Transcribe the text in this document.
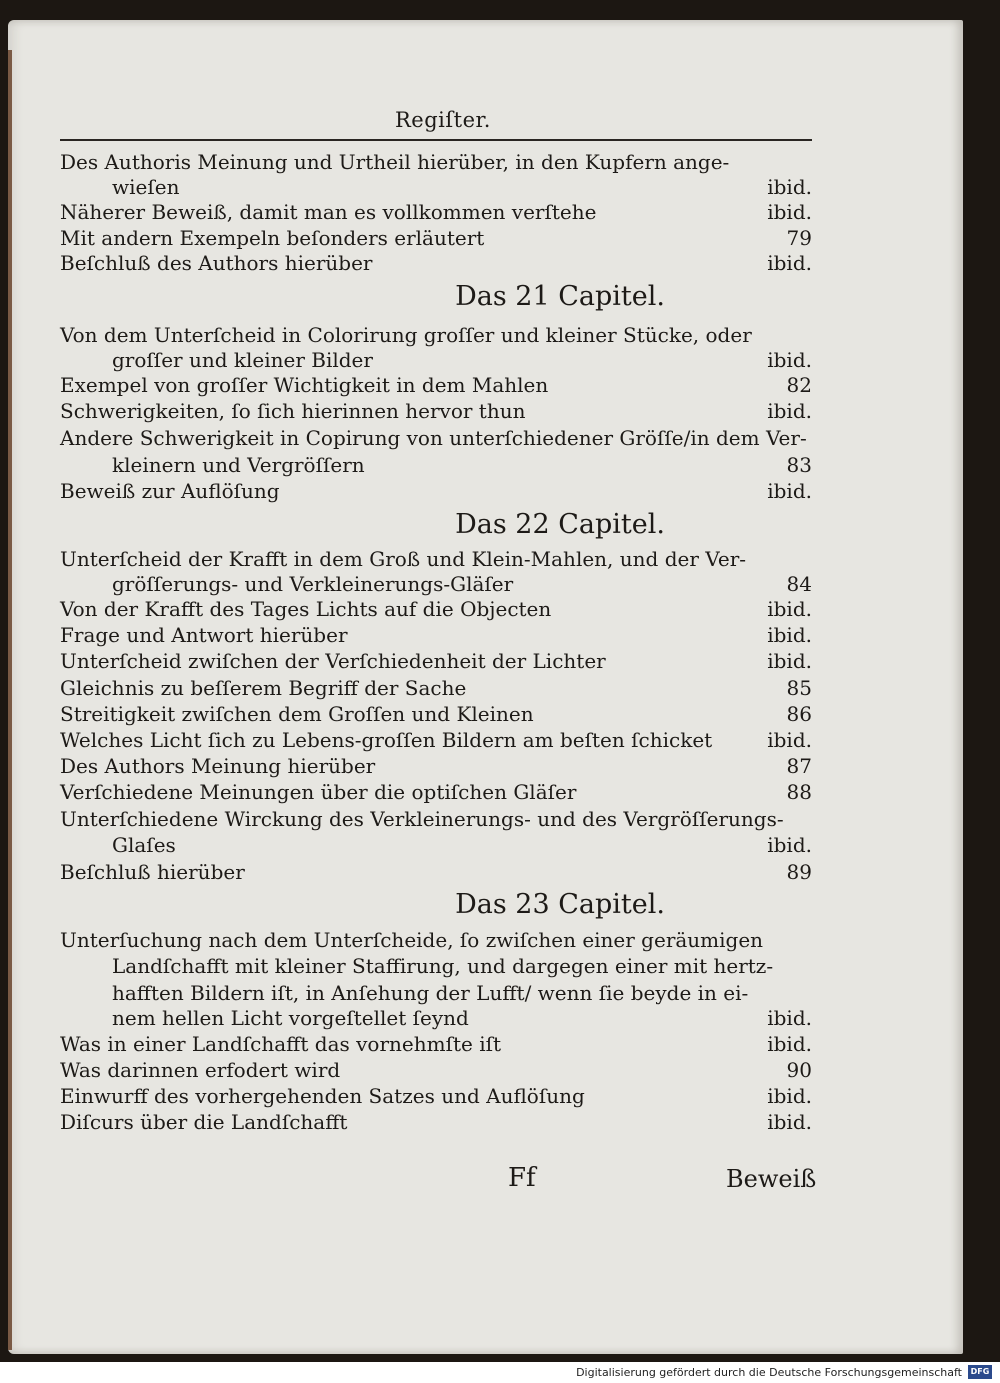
Regiſter.
Des Authoris Meinung und Urtheil hierüber, in den Kupfern ange-
wieſen	ibid.
Näherer Beweiß, damit man es vollkommen verſtehe	ibid.
Mit andern Exempeln beſonders erläutert	79
Beſchluß des Authors hierüber	ibid.
Das 21 Capitel.
Von dem Unterſcheid in Colorirung groſſer und kleiner Stücke, oder
groſſer und kleiner Bilder	ibid.
Exempel von groſſer Wichtigkeit in dem Mahlen	82
Schwerigkeiten, ſo ſich hierinnen hervor thun	ibid.
Andere Schwerigkeit in Copirung von unterſchiedener Gröſſe/in dem Ver-
kleinern und Vergröſſern	83
Beweiß zur Auflöſung	ibid.
Das 22 Capitel.
Unterſcheid der Krafft in dem Groß und Klein-Mahlen, und der Ver-
gröſſerungs- und Verkleinerungs-Gläſer	84
Von der Krafft des Tages Lichts auf die Objecten	ibid.
Frage und Antwort hierüber	ibid.
Unterſcheid zwiſchen der Verſchiedenheit der Lichter	ibid.
Gleichnis zu beſſerem Begriff der Sache	85
Streitigkeit zwiſchen dem Groſſen und Kleinen	86
Welches Licht ſich zu Lebens-groſſen Bildern am beſten ſchicket	ibid.
Des Authors Meinung hierüber	87
Verſchiedene Meinungen über die optiſchen Gläſer	88
Unterſchiedene Wirckung des Verkleinerungs- und des Vergröſſerungs-
Glaſes	ibid.
Beſchluß hierüber	89
Das 23 Capitel.
Unterſuchung nach dem Unterſcheide, ſo zwiſchen einer geräumigen
Landſchafft mit kleiner Staffirung, und dargegen einer mit hertz-
hafften Bildern iſt, in Anſehung der Lufft/ wenn ſie beyde in ei-
nem hellen Licht vorgeſtellet ſeynd	ibid.
Was in einer Landſchafft das vornehmſte iſt	ibid.
Was darinnen erfodert wird	90
Einwurff des vorhergehenden Satzes und Auflöſung	ibid.
Diſcurs über die Landſchafft	ibid.
Ff	Beweiß
Digitalisierung gefördert durch die Deutsche Forschungsgemeinschaft	DFG
